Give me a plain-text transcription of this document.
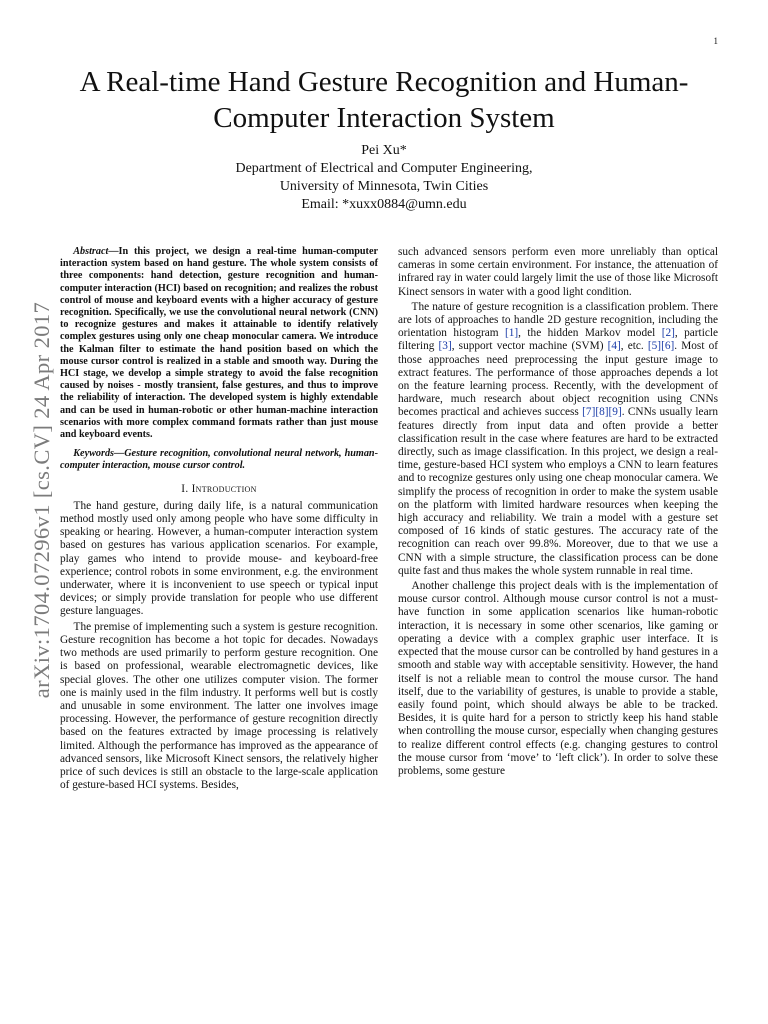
1
arXiv:1704.07296v1 [cs.CV] 24 Apr 2017
A Real-time Hand Gesture Recognition and Human-Computer Interaction System
Pei Xu*
Department of Electrical and Computer Engineering,
University of Minnesota, Twin Cities
Email: *xuxx0884@umn.edu

Abstract—In this project, we design a real-time human-computer interaction system based on hand gesture. The whole system consists of three components: hand detection, gesture recognition and human-computer interaction (HCI) based on recognition; and realizes the robust control of mouse and keyboard events with a higher accuracy of gesture recognition. Specifically, we use the convolutional neural network (CNN) to recognize gestures and makes it attainable to identify relatively complex gestures using only one cheap monocular camera. We introduce the Kalman filter to estimate the hand position based on which the mouse cursor control is realized in a stable and smooth way. During the HCI stage, we develop a simple strategy to avoid the false recognition caused by noises - mostly transient, false gestures, and thus to improve the reliability of interaction. The developed system is highly extendable and can be used in human-robotic or other human-machine interaction scenarios with more complex command formats rather than just mouse and keyboard events.

Keywords—Gesture recognition, convolutional neural network, human-computer interaction, mouse cursor control.

I. Introduction

The hand gesture, during daily life, is a natural communication method mostly used only among people who have some difficulty in speaking or hearing. However, a human-computer interaction system based on gestures has various application scenarios. For example, play games who intend to provide mouse- and keyboard-free experience; control robots in some environment, e.g. the environment underwater, where it is inconvenient to use speech or typical input devices; or simply provide translation for people who use different gesture languages.

The premise of implementing such a system is gesture recognition. Gesture recognition has become a hot topic for decades. Nowadays two methods are used primarily to perform gesture recognition. One is based on professional, wearable electromagnetic devices, like special gloves. The other one utilizes computer vision. The former one is mainly used in the film industry. It performs well but is costly and unusable in some environment. The latter one involves image processing. However, the performance of gesture recognition directly based on the features extracted by image processing is relatively limited. Although the performance has improved as the appearance of advanced sensors, like Microsoft Kinect sensors, the relatively higher price of such devices is still an obstacle to the large-scale application of gesture-based HCI systems. Besides,

such advanced sensors perform even more unreliably than optical cameras in some certain environment. For instance, the attenuation of infrared ray in water could largely limit the use of those like Microsoft Kinect sensors in water with a good light condition.

The nature of gesture recognition is a classification problem. There are lots of approaches to handle 2D gesture recognition, including the orientation histogram [1], the hidden Markov model [2], particle filtering [3], support vector machine (SVM) [4], etc. [5][6]. Most of those approaches need preprocessing the input gesture image to extract features. The performance of those approaches depends a lot on the feature learning process. Recently, with the development of hardware, much research about object recognition using CNNs becomes practical and achieves success [7][8][9]. CNNs usually learn features directly from input data and often provide a better classification result in the case where features are hard to be extracted directly, such as image classification. In this project, we design a real-time, gesture-based HCI system who employs a CNN to learn features and to recognize gestures only using one cheap monocular camera. We simplify the process of recognition in order to make the system usable on the platform with limited hardware resources when keeping the high accuracy and reliability. We train a model with a gesture set composed of 16 kinds of static gestures. The accuracy rate of the recognition can reach over 99.8%. Moreover, due to that we use a CNN with a simple structure, the classification process can be done quite fast and thus makes the whole system runnable in real time.

Another challenge this project deals with is the implementation of mouse cursor control. Although mouse cursor control is not a must-have function in some application scenarios like human-robotic interaction, it is necessary in some other scenarios, like gaming or operating a device with a complex graphic user interface. It is expected that the mouse cursor can be controlled by hand gestures in a smooth and stable way with acceptable sensitivity. However, the hand itself is not a reliable mean to control the mouse cursor. The hand itself, due to the variability of gestures, is unable to provide a stable, easily found point, which should always be able to be tracked. Besides, it is quite hard for a person to strictly keep his hand stable when controlling the mouse cursor, especially when changing gestures to realize different control effects (e.g. changing gestures to control the mouse cursor from ‘move’ to ‘left click’). In order to solve these problems, some gesture
